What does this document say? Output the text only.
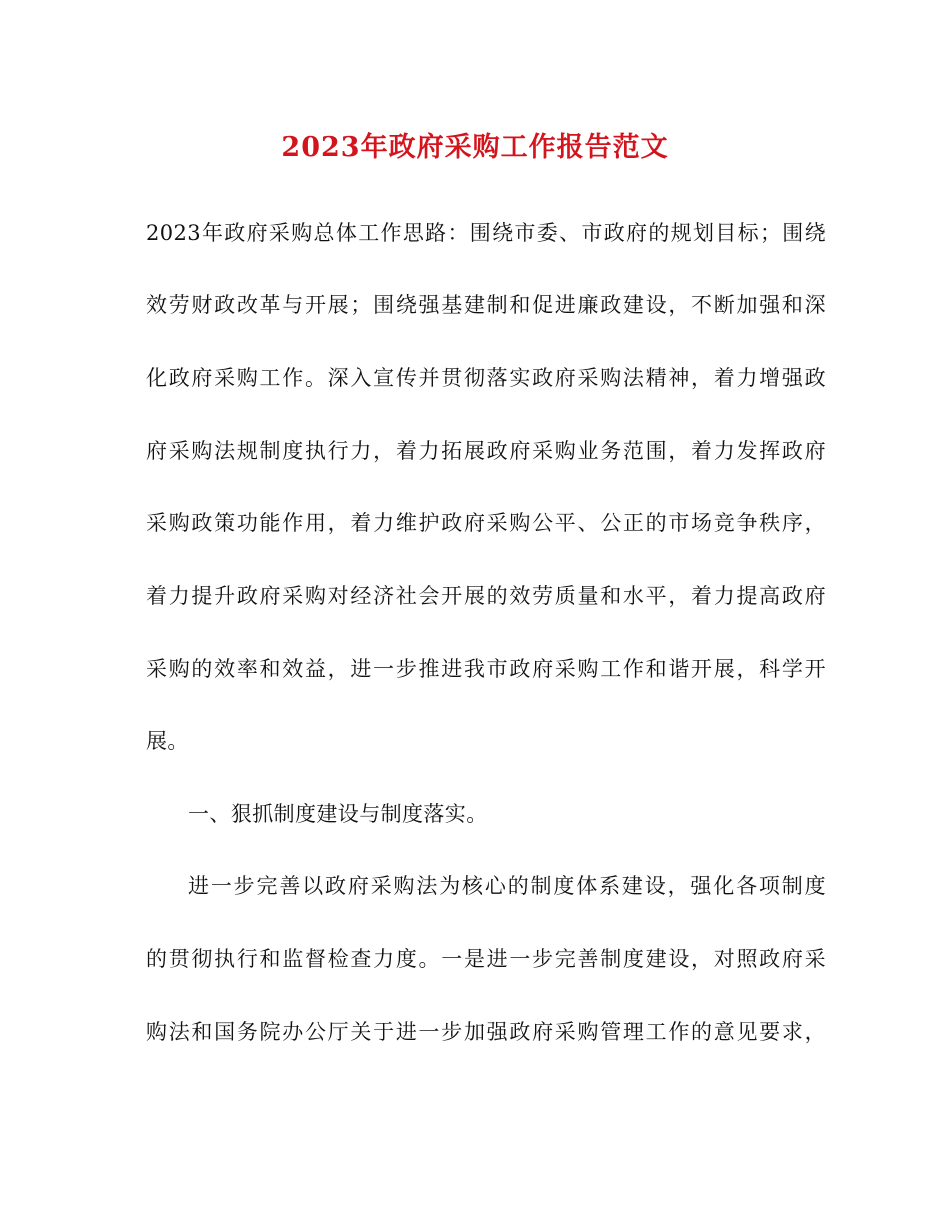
2023年政府采购工作报告范文
2023年政府采购总体工作思路：围绕市委、市政府的规划目标；围绕
效劳财政改革与开展；围绕强基建制和促进廉政建设，不断加强和深
化政府采购工作。深入宣传并贯彻落实政府采购法精神，着力增强政
府采购法规制度执行力，着力拓展政府采购业务范围，着力发挥政府
采购政策功能作用，着力维护政府采购公平、公正的市场竞争秩序，
着力提升政府采购对经济社会开展的效劳质量和水平，着力提高政府
采购的效率和效益，进一步推进我市政府采购工作和谐开展，科学开
展。
一、狠抓制度建设与制度落实。
进一步完善以政府采购法为核心的制度体系建设，强化各项制度
的贯彻执行和监督检查力度。一是进一步完善制度建设，对照政府采
购法和国务院办公厅关于进一步加强政府采购管理工作的意见要求，
